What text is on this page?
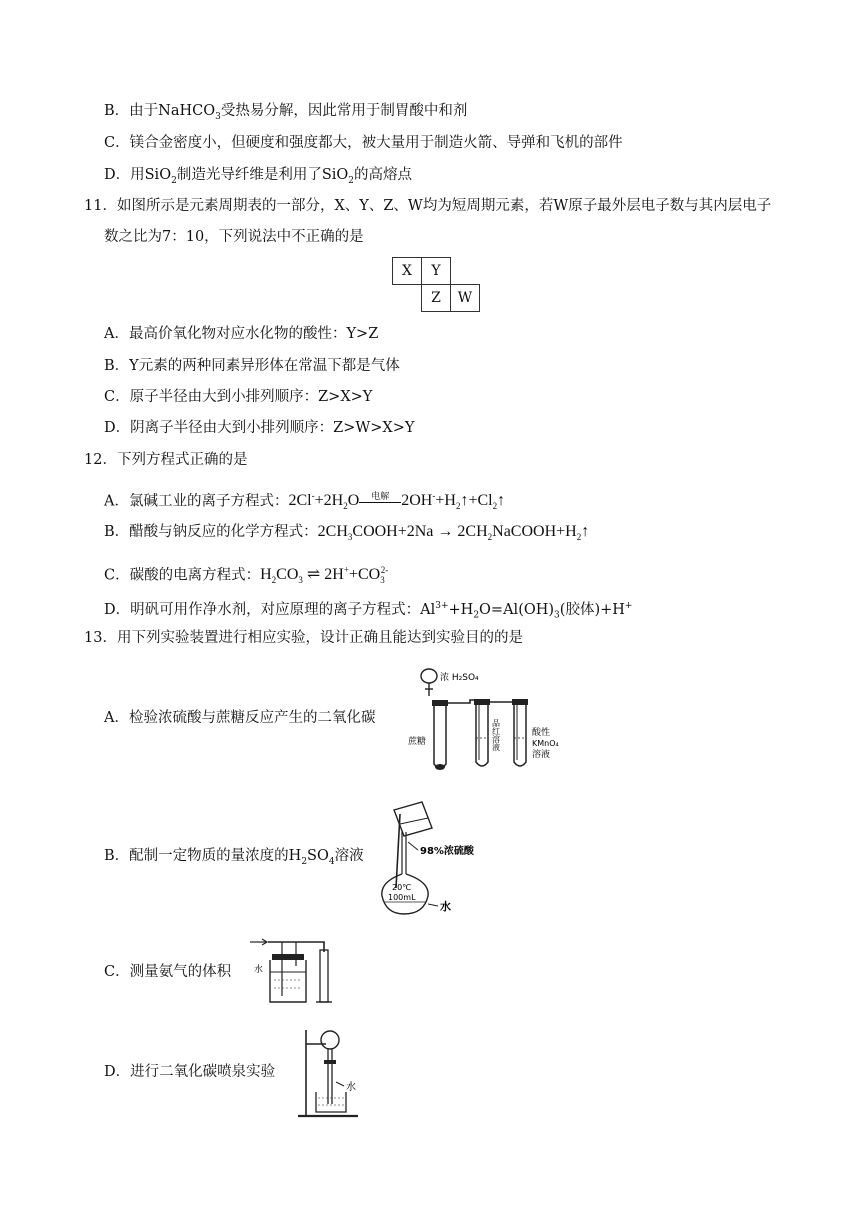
B．由于NaHCO$_3$受热易分解，因此常用于制胃酸中和剂
C．镁合金密度小，但硬度和强度都大，被大量用于制造火箭、导弹和飞机的部件
D．用SiO$_2$制造光导纤维是利用了SiO$_2$的高熔点
11．如图所示是元素周期表的一部分，X、Y、Z、W均为短周期元素，若W原子最外层电子数与其内层电子
数之比为7：10，下列说法中不正确的是
X	Y	
	Z	W
A．最高价氧化物对应水化物的酸性：Y>Z
B．Y元素的两种同素异形体在常温下都是气体
C．原子半径由大到小排列顺序：Z>X>Y
D．阴离子半径由大到小排列顺序：Z>W>X>Y
12．下列方程式正确的是
A．氯碱工业的离子方程式：$2Cl^-+2H_2O$	电解 $2OH^-+H_2↑+Cl_2↑$
B．醋酸与钠反应的化学方程式：$2CH_3COOH+2Na$ → $2CH_2NaCOOH+H_2↑$
C．碳酸的电离方程式：$H_2CO_3$ ⇌ $2H^++CO_3^{2-}$
D．明矾可用作净水剂，对应原理的离子方程式：$Al^{3+}+H_2O=Al(OH)_3$(胶体)+H+
13．用下列实验装置进行相应实验，设计正确且能达到实验目的的是
A．检验浓硫酸与蔗糖反应产生的二氧化碳
浓 H₂SO₄
蔗糖	品红溶液	酸性
KMnO₄
溶液
B．配制一定物质的量浓度的$H_2SO_4$溶液	98%浓硫酸
20℃
100mL
水
C．测量氨气的体积	水
D．进行二氧化碳喷泉实验
水
